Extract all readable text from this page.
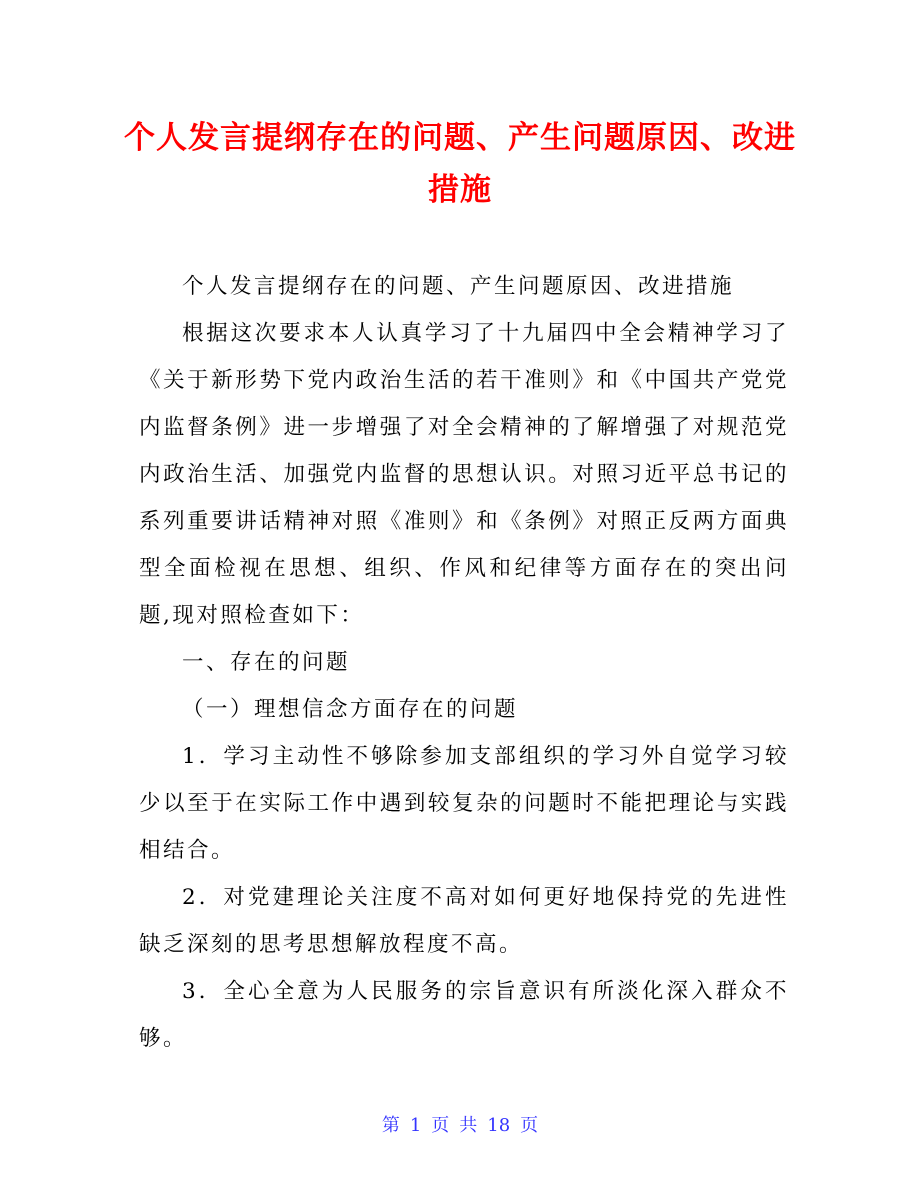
个人发言提纲存在的问题、产生问题原因、改进措施

个人发言提纲存在的问题、产生问题原因、改进措施

根据这次要求本人认真学习了十九届四中全会精神学习了《关于新形势下党内政治生活的若干准则》和《中国共产党党内监督条例》进一步增强了对全会精神的了解增强了对规范党内政治生活、加强党内监督的思想认识。对照习近平总书记的系列重要讲话精神对照《准则》和《条例》对照正反两方面典型全面检视在思想、组织、作风和纪律等方面存在的突出问题,现对照检查如下：

一、存在的问题

（一）理想信念方面存在的问题

1．学习主动性不够除参加支部组织的学习外自觉学习较少以至于在实际工作中遇到较复杂的问题时不能把理论与实践相结合。

2．对党建理论关注度不高对如何更好地保持党的先进性缺乏深刻的思考思想解放程度不高。

3．全心全意为人民服务的宗旨意识有所淡化深入群众不够。

第 1 页 共 18 页
